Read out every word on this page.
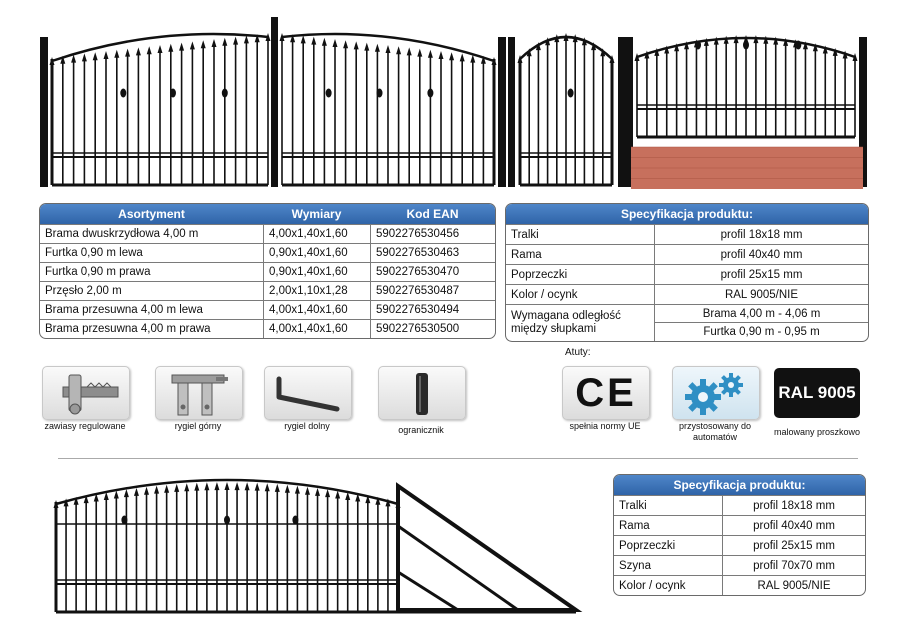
Asortyment	Wymiary	Kod EAN
Brama dwuskrzydłowa 4,00 m	4,00x1,40x1,60	5902276530456
Furtka 0,90 m lewa	0,90x1,40x1,60	5902276530463
Furtka 0,90 m prawa	0,90x1,40x1,60	5902276530470
Przęsło 2,00 m	2,00x1,10x1,28	5902276530487
Brama przesuwna 4,00 m lewa	4,00x1,40x1,60	5902276530494
Brama przesuwna 4,00 m prawa	4,00x1,40x1,60	5902276530500
Specyfikacja produktu:
Tralki	profil 18x18 mm
Rama	profil 40x40 mm
Poprzeczki	profil 25x15 mm
Kolor / ocynk	RAL 9005/NIE
Wymagana odległość
między słupkami
Brama 4,00 m - 4,06 m
Furtka 0,90 m - 0,95 m
zawiasy regulowane	rygiel górny	rygiel dolny	ogranicznik
Atuty:
CE
spełnia normy UE	przystosowany do
automatów
RAL 9005
malowany proszkowo
Specyfikacja produktu:
Tralki	profil 18x18 mm
Rama	profil 40x40 mm
Poprzeczki	profil 25x15 mm
Szyna	profil 70x70 mm
Kolor / ocynk	RAL 9005/NIE
